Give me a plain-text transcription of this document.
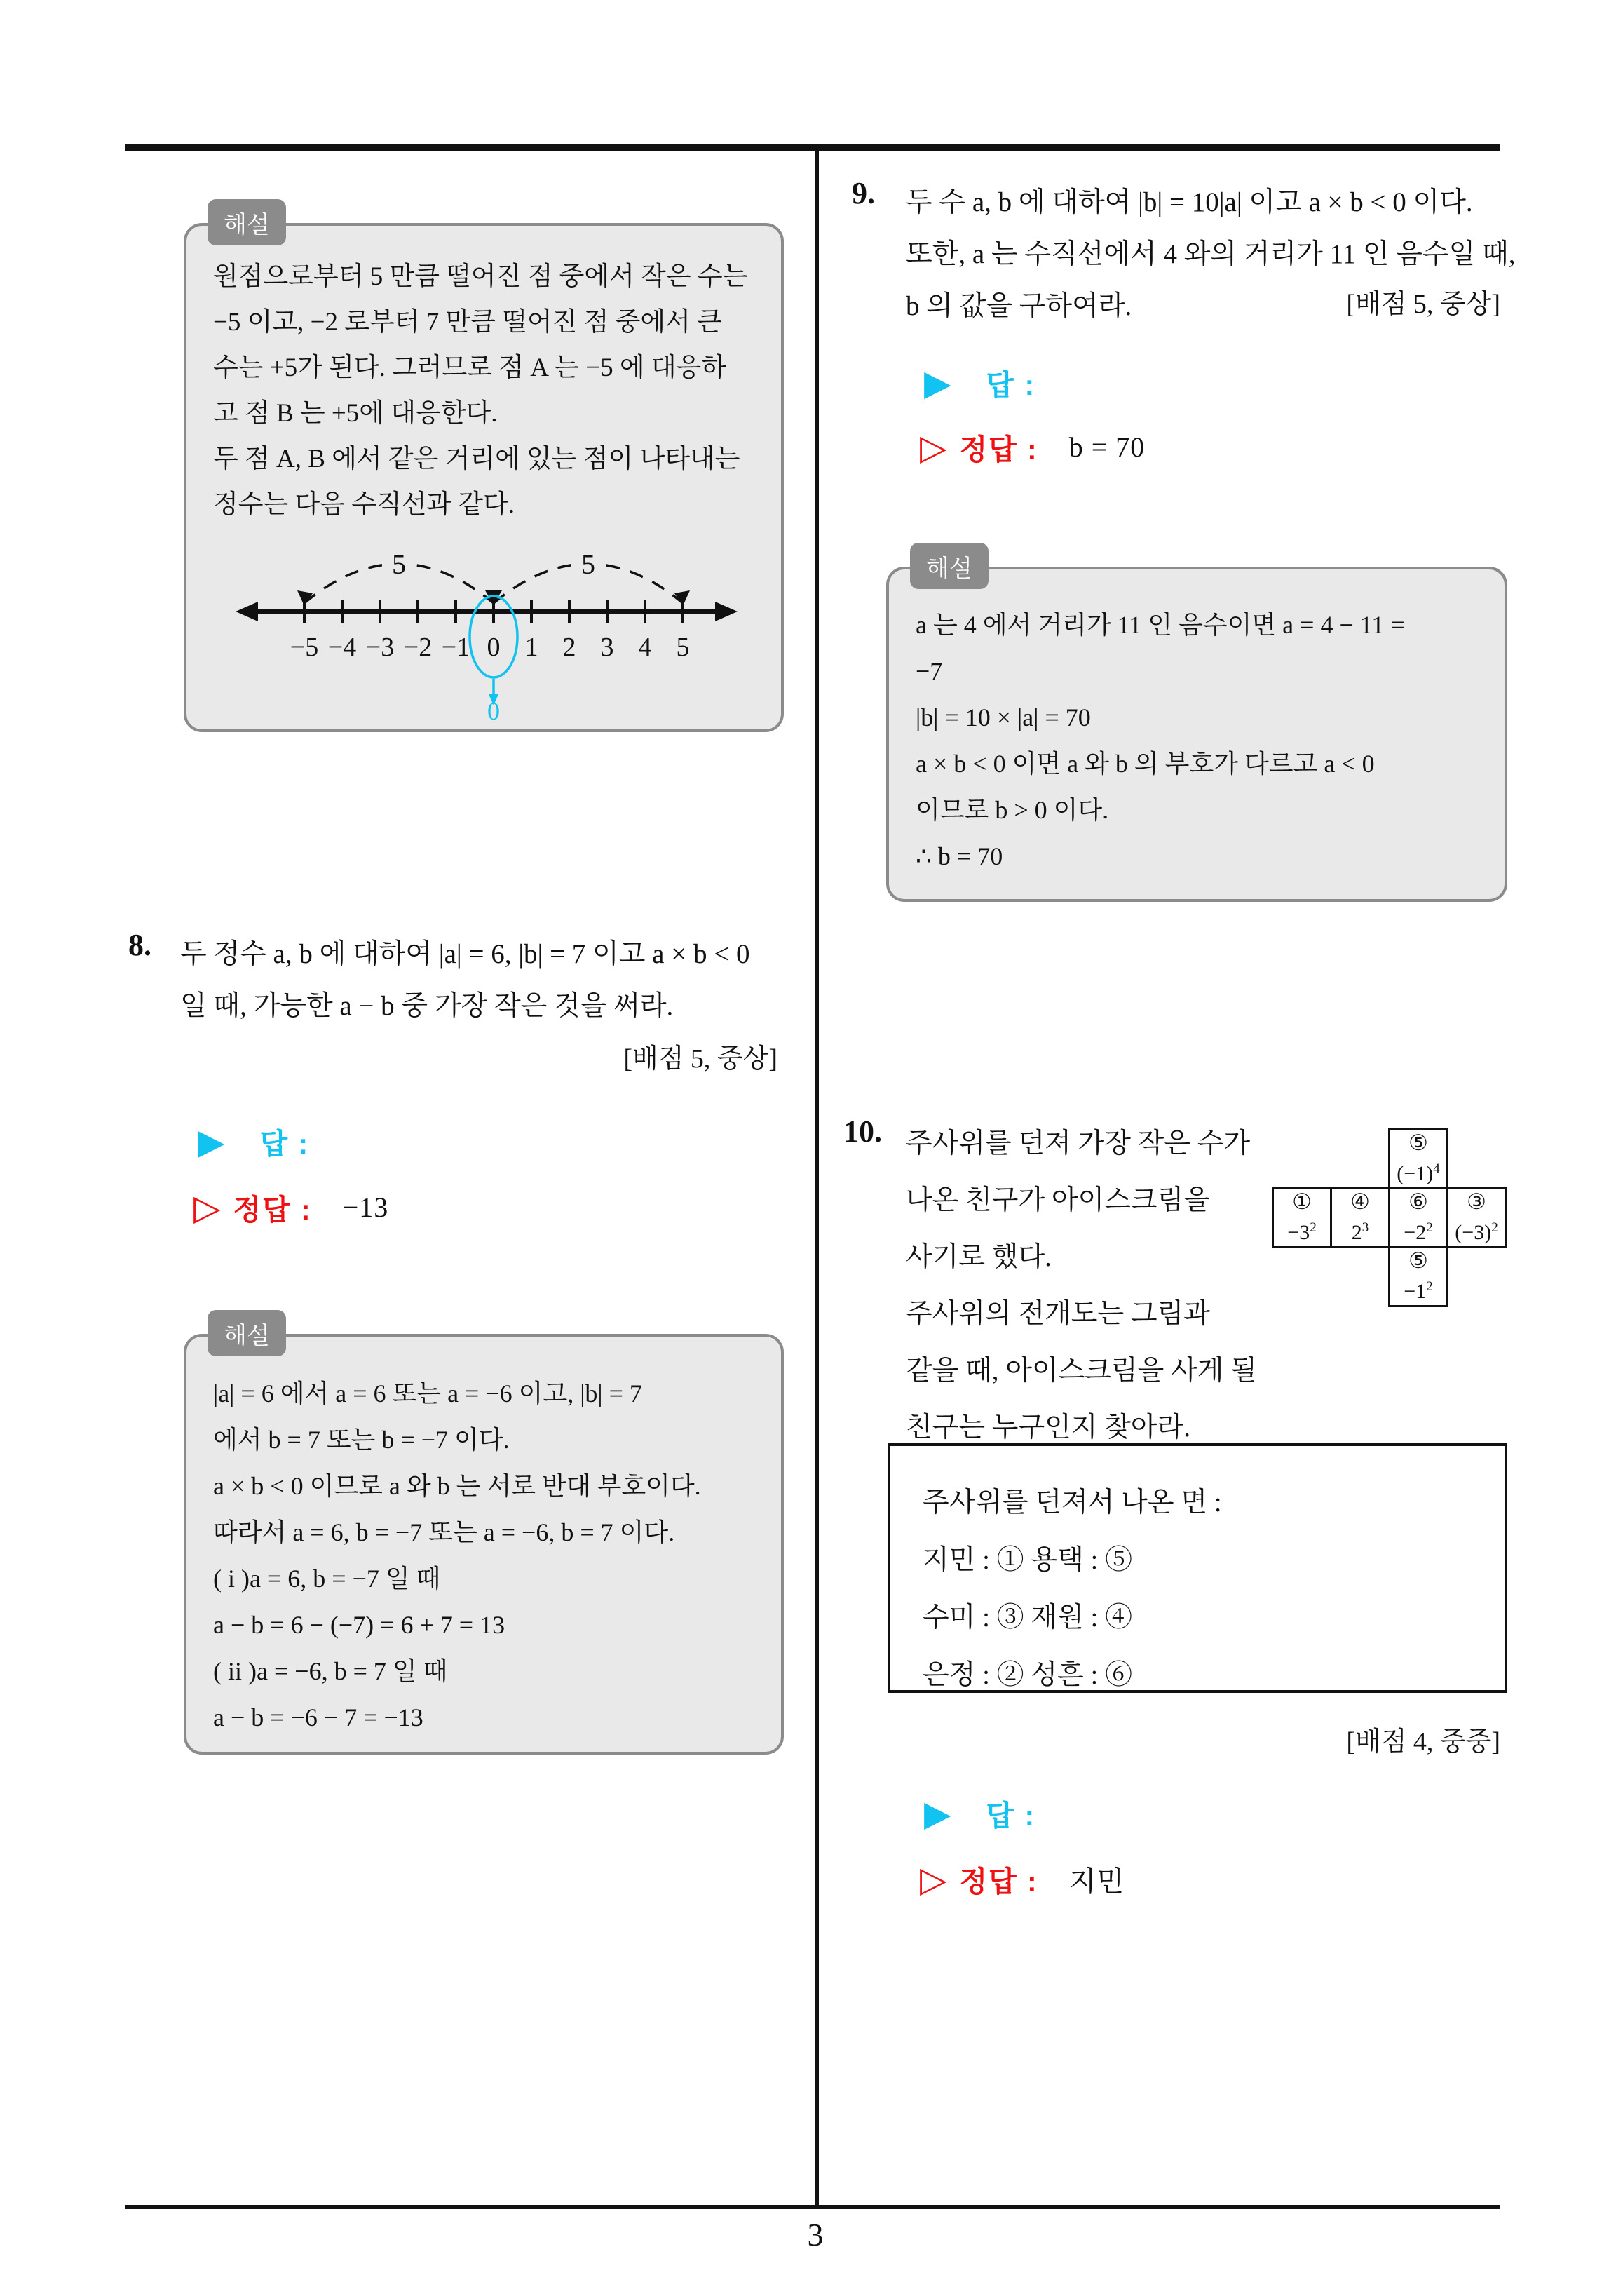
3
해설
원점으로부터 5 만큼 떨어진 점 중에서 작은 수는
−5 이고, −2 로부터 7 만큼 떨어진 점 중에서 큰
수는 +5가 된다. 그러므로 점 A 는 −5 에 대응하
고 점 B 는 +5에 대응한다.
두 점 A, B 에서 같은 거리에 있는 점이 나타내는
정수는 다음 수직선과 같다.
5	5
−5 −4 −3 −2 −1 0 1 2 3 4 5
0
8. 두 정수 a, b 에 대하여 |a| = 6, |b| = 7 이고 a × b < 0
일 때, 가능한 a − b 중 가장 작은 것을 써라.
[배점 5, 중상]
▶ 답 :
▷ 정답 : −13
해설
|a| = 6 에서 a = 6 또는 a = −6 이고, |b| = 7
에서 b = 7 또는 b = −7 이다.
a × b < 0 이므로 a 와 b 는 서로 반대 부호이다.
따라서 a = 6, b = −7 또는 a = −6, b = 7 이다.
( i )a = 6, b = −7 일 때
a − b = 6 − (−7) = 6 + 7 = 13
( ii )a = −6, b = 7 일 때
a − b = −6 − 7 = −13
9. 두 수 a, b 에 대하여 |b| = 10|a| 이고 a × b < 0 이다.
또한, a 는 수직선에서 4 와의 거리가 11 인 음수일 때,
b 의 값을 구하여라.	[배점 5, 중상]
▶ 답 :
▷ 정답 : b = 70
해설
a 는 4 에서 거리가 11 인 음수이면 a = 4 − 11 =
−7
|b| = 10 × |a| = 70
a × b < 0 이면 a 와 b 의 부호가 다르고 a < 0
이므로 b > 0 이다.
∴ b = 70
10. 주사위를 던져 가장 작은 수가
나온 친구가 아이스크림을
사기로 했다.
주사위의 전개도는 그림과
같을 때, 아이스크림을 사게 될
친구는 누구인지 찾아라.
⑤
$(-1)^4$
①
$-3^2$
④
$2^3$
⑥
$-2^2$
③
$(-3)^2$
⑤
$-1^2$
주사위를 던져서 나온 면 :
지민 : ① 용택 : ⑤
수미 : ③ 재원 : ④
은정 : ② 성흔 : ⑥
[배점 4, 중중]
▶ 답 :
▷ 정답 : 지민
